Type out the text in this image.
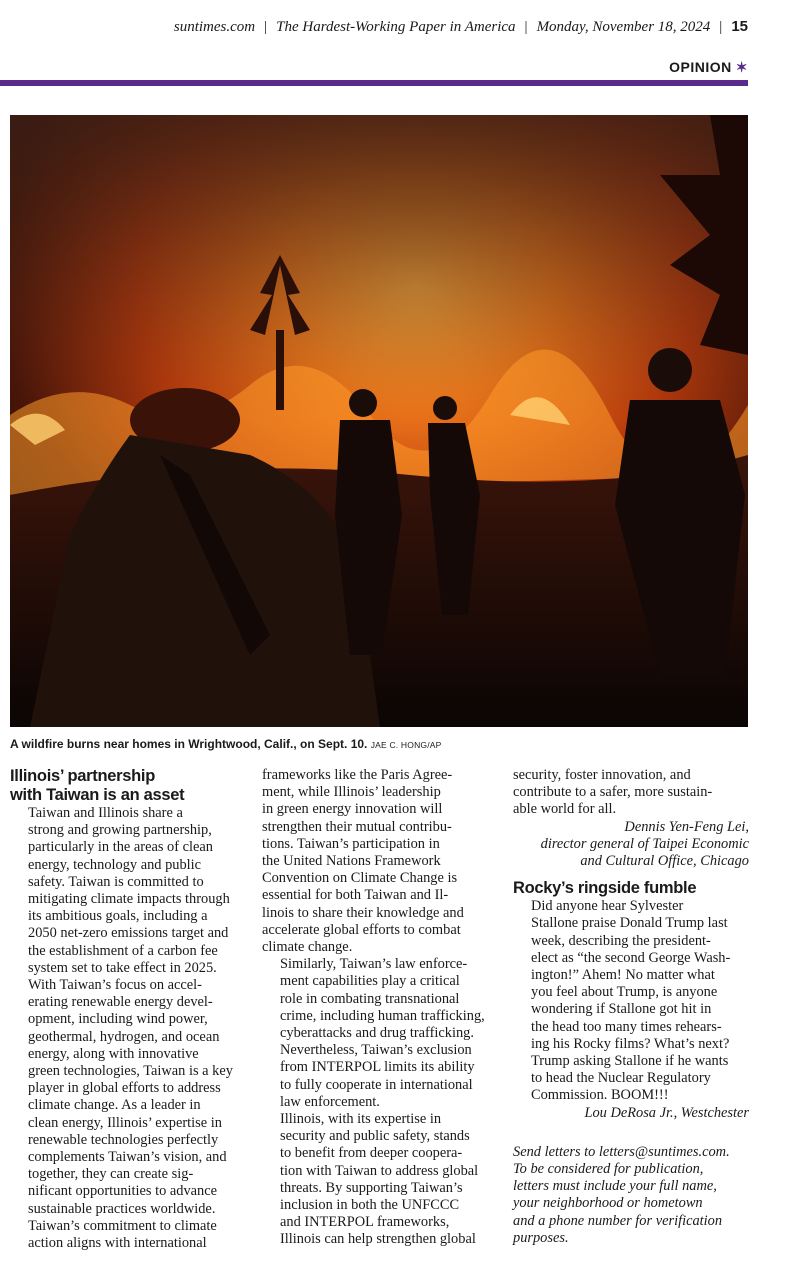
suntimes.com | The Hardest-Working Paper in America | Monday, November 18, 2024 | 15
OPINION ✶
A wildfire burns near homes in Wrightwood, Calif., on Sept. 10. JAE C. HONG/AP
Illinois’ partnership
with Taiwan is an asset

Taiwan and Illinois share a
strong and growing partnership,
particularly in the areas of clean
energy, technology and public
safety. Taiwan is committed to
mitigating climate impacts through
its ambitious goals, including a
2050 net-zero emissions target and
the establishment of a carbon fee
system set to take effect in 2025.

With Taiwan’s focus on accel-
erating renewable energy devel-
opment, including wind power,
geothermal, hydrogen, and ocean
energy, along with innovative
green technologies, Taiwan is a key
player in global efforts to address
climate change. As a leader in
clean energy, Illinois’ expertise in
renewable technologies perfectly
complements Taiwan’s vision, and
together, they can create sig-
nificant opportunities to advance
sustainable practices worldwide.

Taiwan’s commitment to climate
action aligns with international

frameworks like the Paris Agree-
ment, while Illinois’ leadership
in green energy innovation will
strengthen their mutual contribu-
tions. Taiwan’s participation in
the United Nations Framework
Convention on Climate Change is
essential for both Taiwan and Il-
linois to share their knowledge and
accelerate global efforts to combat
climate change.

Similarly, Taiwan’s law enforce-
ment capabilities play a critical
role in combating transnational
crime, including human trafficking,
cyberattacks and drug trafficking.
Nevertheless, Taiwan’s exclusion
from INTERPOL limits its ability
to fully cooperate in international
law enforcement.

Illinois, with its expertise in
security and public safety, stands
to benefit from deeper coopera-
tion with Taiwan to address global
threats. By supporting Taiwan’s
inclusion in both the UNFCCC
and INTERPOL frameworks,
Illinois can help strengthen global

security, foster innovation, and
contribute to a safer, more sustain-
able world for all.

Dennis Yen-Feng Lei,
director general of Taipei Economic
and Cultural Office, Chicago
Rocky’s ringside fumble

Did anyone hear Sylvester
Stallone praise Donald Trump last
week, describing the president-
elect as “the second George Wash-
ington!” Ahem! No matter what
you feel about Trump, is anyone
wondering if Stallone got hit in
the head too many times rehears-
ing his Rocky films? What’s next?
Trump asking Stallone if he wants
to head the Nuclear Regulatory
Commission. BOOM!!!

Lou DeRosa Jr., Westchester
Send letters to letters@suntimes.com.
To be considered for publication,
letters must include your full name,
your neighborhood or hometown
and a phone number for verification
purposes.
